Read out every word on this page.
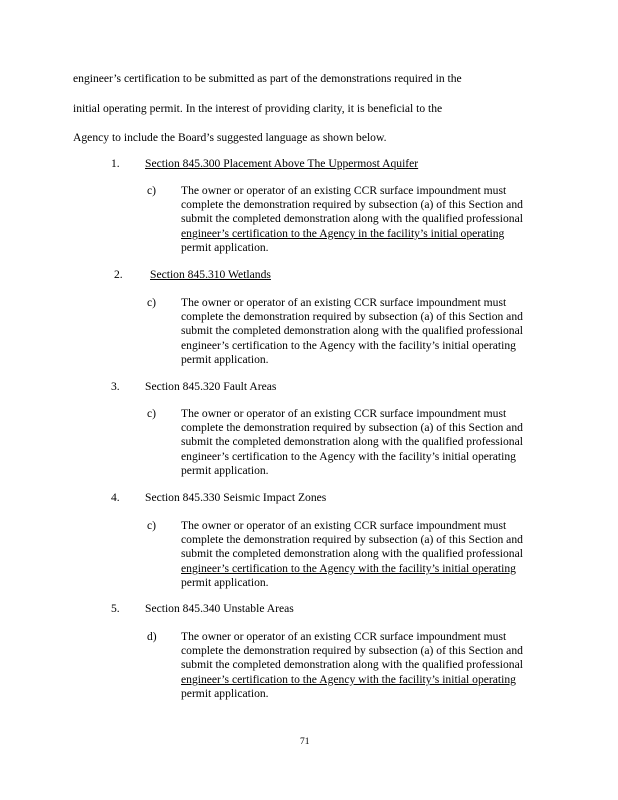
engineer’s certification to be submitted as part of the demonstrations required in the
initial operating permit. In the interest of providing clarity, it is beneficial to the
Agency to include the Board’s suggested language as shown below.
1. Section 845.300 Placement Above The Uppermost Aquifer
c) The owner or operator of an existing CCR surface impoundment must
complete the demonstration required by subsection (a) of this Section and
submit the completed demonstration along with the qualified professional
engineer’s certification to the Agency in the facility’s initial operating
permit application.
2. Section 845.310 Wetlands
c) The owner or operator of an existing CCR surface impoundment must
complete the demonstration required by subsection (a) of this Section and
submit the completed demonstration along with the qualified professional
engineer’s certification to the Agency with the facility’s initial operating
permit application.
3. Section 845.320 Fault Areas
c) The owner or operator of an existing CCR surface impoundment must
complete the demonstration required by subsection (a) of this Section and
submit the completed demonstration along with the qualified professional
engineer’s certification to the Agency with the facility’s initial operating
permit application.
4. Section 845.330 Seismic Impact Zones
c) The owner or operator of an existing CCR surface impoundment must
complete the demonstration required by subsection (a) of this Section and
submit the completed demonstration along with the qualified professional
engineer’s certification to the Agency with the facility’s initial operating
permit application.
5. Section 845.340 Unstable Areas
d) The owner or operator of an existing CCR surface impoundment must
complete the demonstration required by subsection (a) of this Section and
submit the completed demonstration along with the qualified professional
engineer’s certification to the Agency with the facility’s initial operating
permit application.
71
